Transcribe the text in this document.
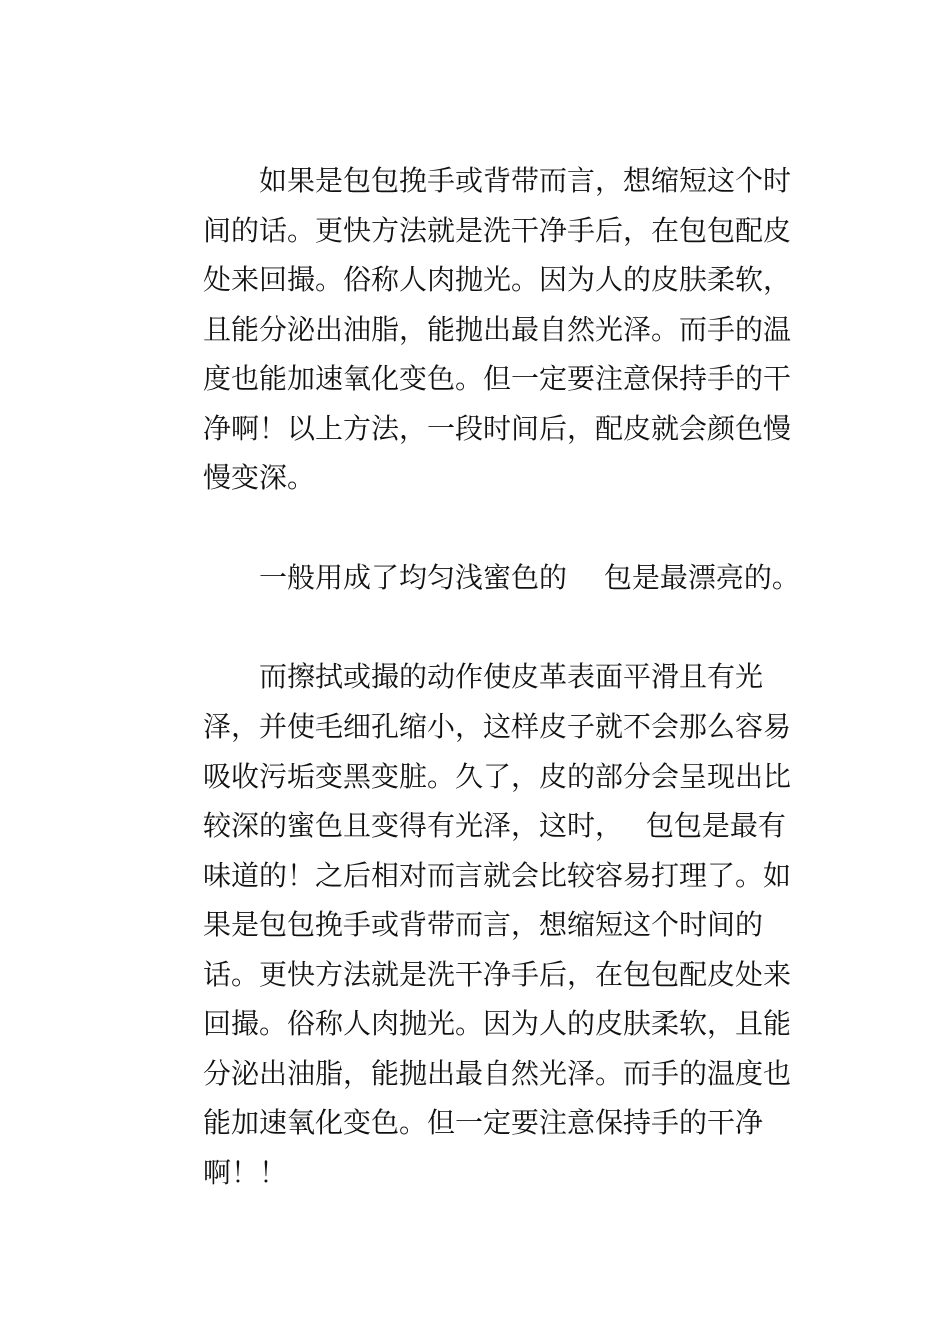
如果是包包挽手或背带而言，想缩短这个时

间的话。更快方法就是洗干净手后，在包包配皮

处来回撮。俗称人肉抛光。因为人的皮肤柔软，

且能分泌出油脂，能抛出最自然光泽。而手的温

度也能加速氧化变色。但一定要注意保持手的干

净啊！以上方法，一段时间后，配皮就会颜色慢

慢变深。

一般用成了均匀浅蜜色的　 包是最漂亮的。

而擦拭或撮的动作使皮革表面平滑且有光

泽，并使毛细孔缩小，这样皮子就不会那么容易

吸收污垢变黑变脏。久了，皮的部分会呈现出比

较深的蜜色且变得有光泽，这时，　 包包是最有

味道的！之后相对而言就会比较容易打理了。如

果是包包挽手或背带而言，想缩短这个时间的

话。更快方法就是洗干净手后，在包包配皮处来

回撮。俗称人肉抛光。因为人的皮肤柔软，且能

分泌出油脂，能抛出最自然光泽。而手的温度也

能加速氧化变色。但一定要注意保持手的干净

啊！！
